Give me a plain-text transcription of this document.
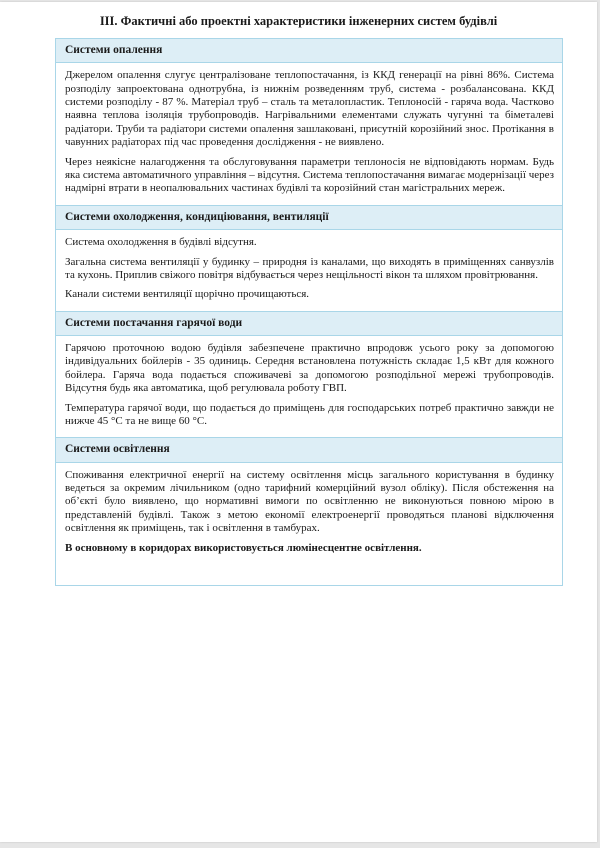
ІІІ. Фактичні або проектні характеристики інженерних систем будівлі
Системи опалення

Джерелом опалення слугує централізоване теплопостачання, із ККД генерації на рівні 86%. Система розподілу запроектована однотрубна, із нижнім розведенням труб, система - розбалансована. ККД системи розподілу - 87 %. Матеріал труб – сталь та металопластик. Теплоносій - гаряча вода. Частково наявна теплова ізоляція трубопроводів. Нагрівальними елементами служать чугунні та біметалеві радіатори. Труби та радіатори системи опалення зашлаковані, присутній корозійний знос. Протікання в чавунних радіаторах під час проведення дослідження - не виявлено.

Через неякісне налагодження та обслуговування параметри теплоносія не відповідають нормам. Будь яка система автоматичного управління – відсутня. Система теплопостачання вимагає модернізації через надмірні втрати в неопалювальних частинах будівлі та корозійний стан магістральних мереж.

Системи охолодження, кондиціювання, вентиляції

Система охолодження в будівлі відсутня.

Загальна система вентиляції у будинку – природня із каналами, що виходять в приміщеннях санвузлів та кухонь. Приплив свіжого повітря відбувається через нещільності вікон та шляхом провітрювання.

Канали системи вентиляції щорічно прочищаються.

Системи постачання гарячої води

Гарячою проточною водою будівля забезпечене практично впродовж усього року за допомогою індивідуальних бойлерів - 35 одиниць. Середня встановлена потужність складає 1,5 кВт для кожного бойлера. Гаряча вода подається споживачеві за допомогою розподільної мережі трубопроводів. Відсутня будь яка автоматика, щоб регулювала роботу ГВП.

Температура гарячої води, що подається до приміщень для господарських потреб практично завжди не нижче 45 °С та не вище 60 °С.

Системи освітлення

Споживання електричної енергії на систему освітлення місць загального користування в будинку ведеться за окремим лічильником (одно тарифний комерційний вузол обліку). Після обстеження на об’єкті було виявлено, що нормативні вимоги по освітленню не виконуються повною мірою в представленій будівлі. Також з метою економії електроенергії проводяться планові відключення освітлення як приміщень, так і освітлення в тамбурах.

В основному в коридорах використовується люмінесцентне освітлення.
